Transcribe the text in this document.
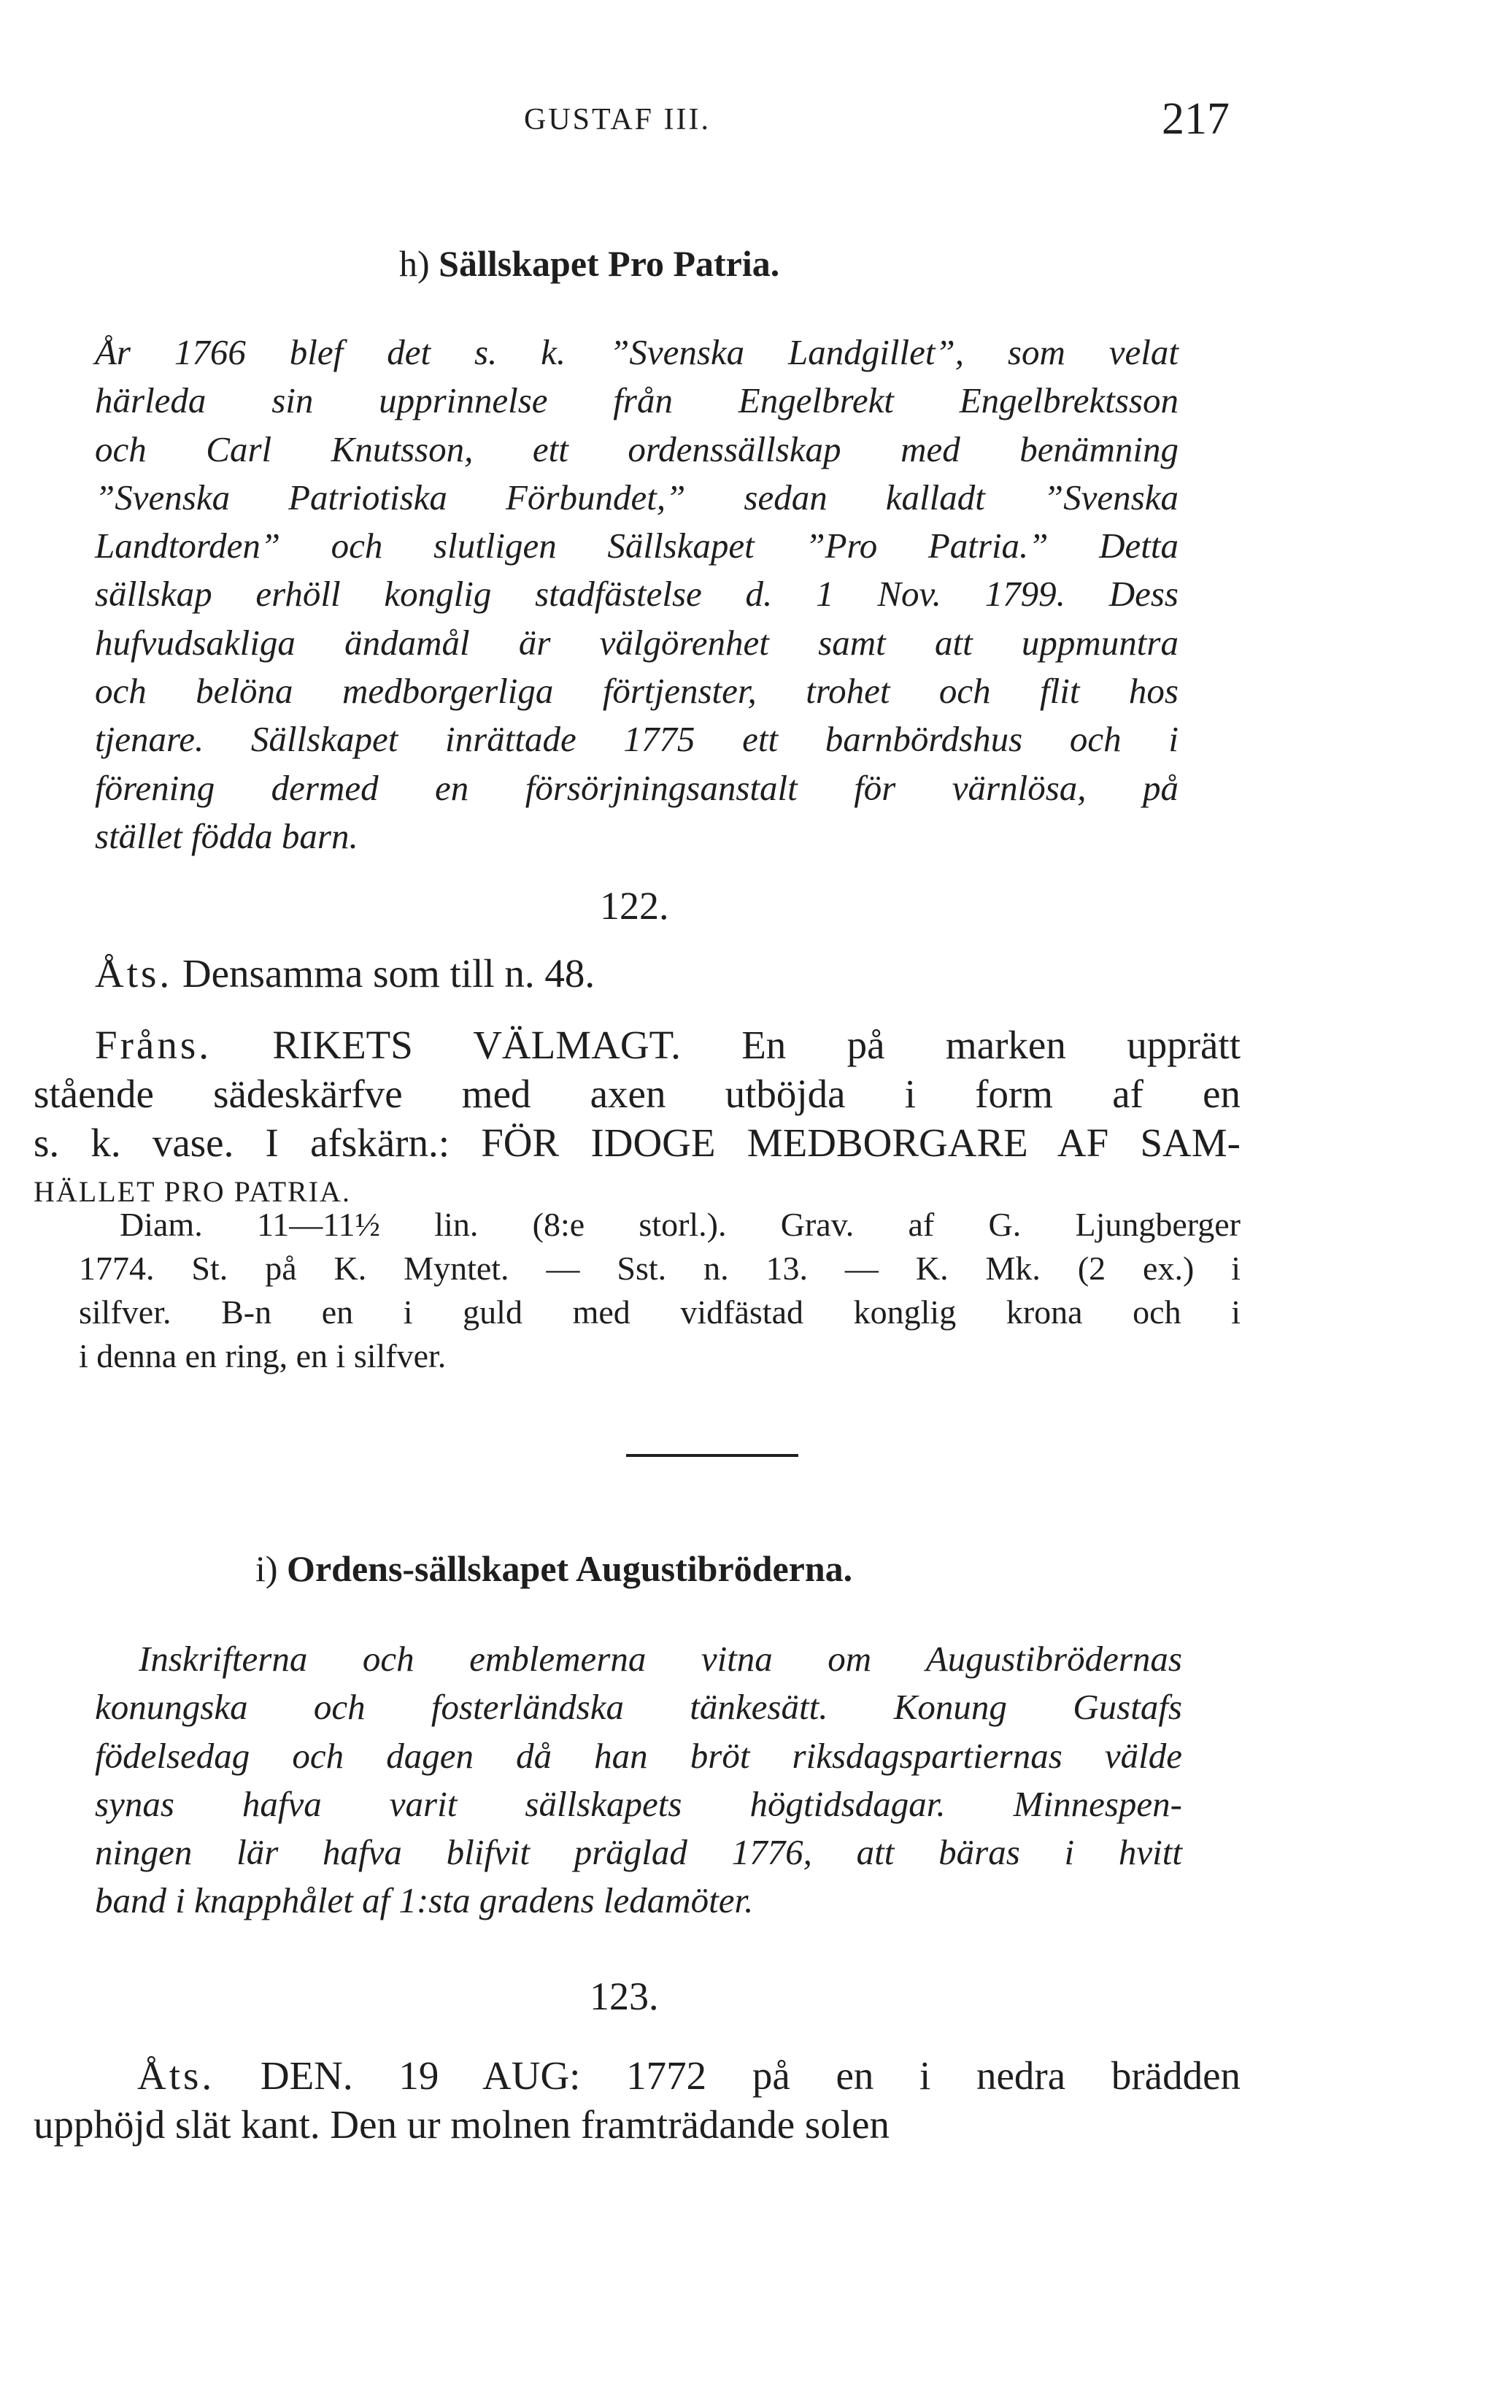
GUSTAF III.	217
h) Sällskapet Pro Patria.
År 1766 blef det s. k. ”Svenska Landgillet”, som velat
härleda sin upprinnelse från Engelbrekt Engelbrektsson
och Carl Knutsson, ett ordenssällskap med benämning
”Svenska Patriotiska Förbundet,” sedan kalladt ”Svenska
Landtorden” och slutligen Sällskapet ”Pro Patria.” Detta
sällskap erhöll konglig stadfästelse d. 1 Nov. 1799. Dess
hufvudsakliga ändamål är välgörenhet samt att uppmuntra
och belöna medborgerliga förtjenster, trohet och flit hos
tjenare. Sällskapet inrättade 1775 ett barnbördshus och i
förening dermed en försörjningsanstalt för värnlösa, på
stället födda barn.
122.
Åts. Densamma som till n. 48.
Fråns. RIKETS VÄLMAGT. En på marken upprätt
stående sädeskärfve med axen utböjda i form af en
s. k. vase. I afskärn.: FÖR IDOGE MEDBORGARE AF SAM-
HÄLLET PRO PATRIA.
Diam. 11—11½ lin. (8:e storl.). Grav. af G. Ljungberger
1774. St. på K. Myntet. — Sst. n. 13. — K. Mk. (2 ex.) i
silfver. B-n en i guld med vidfästad konglig krona och i
i denna en ring, en i silfver.
i) Ordens-sällskapet Augustibröderna.
Inskrifterna och emblemerna vitna om Augustibrödernas
konungska och fosterländska tänkesätt. Konung Gustafs
födelsedag och dagen då han bröt riksdagspartiernas välde
synas hafva varit sällskapets högtidsdagar. Minnespen-
ningen lär hafva blifvit präglad 1776, att bäras i hvitt
band i knapphålet af 1:sta gradens ledamöter.
123.
Åts. DEN. 19 AUG: 1772 på en i nedra brädden
upphöjd slät kant. Den ur molnen framträdande solen
